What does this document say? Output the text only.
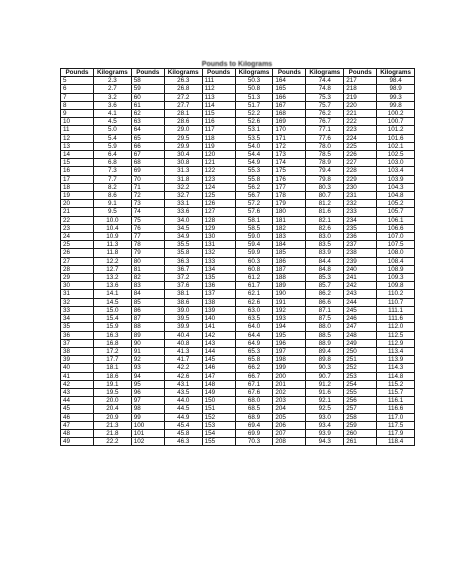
Pounds to Kilograms
Pounds	Kilograms	Pounds	Kilograms	Pounds	Kilograms	Pounds	Kilograms	Pounds	Kilograms
5	2.3	58	26.3	111	50.3	164	74.4	217	98.4
6	2.7	59	26.8	112	50.8	165	74.8	218	98.9
7	3.2	60	27.2	113	51.3	166	75.3	219	99.3
8	3.6	61	27.7	114	51.7	167	75.7	220	99.8
9	4.1	62	28.1	115	52.2	168	76.2	221	100.2
10	4.5	63	28.6	116	52.6	169	76.7	222	100.7
11	5.0	64	29.0	117	53.1	170	77.1	223	101.2
12	5.4	65	29.5	118	53.5	171	77.6	224	101.6
13	5.9	66	29.9	119	54.0	172	78.0	225	102.1
14	6.4	67	30.4	120	54.4	173	78.5	226	102.5
15	6.8	68	30.8	121	54.9	174	78.9	227	103.0
16	7.3	69	31.3	122	55.3	175	79.4	228	103.4
17	7.7	70	31.8	123	55.8	176	79.8	229	103.9
18	8.2	71	32.2	124	56.2	177	80.3	230	104.3
19	8.6	72	32.7	125	56.7	178	80.7	231	104.8
20	9.1	73	33.1	126	57.2	179	81.2	232	105.2
21	9.5	74	33.6	127	57.6	180	81.6	233	105.7
22	10.0	75	34.0	128	58.1	181	82.1	234	106.1
23	10.4	76	34.5	129	58.5	182	82.6	235	106.6
24	10.9	77	34.9	130	59.0	183	83.0	236	107.0
25	11.3	78	35.5	131	59.4	184	83.5	237	107.5
26	11.8	79	35.8	132	59.9	185	83.9	238	108.0
27	12.2	80	36.3	133	60.3	186	84.4	239	108.4
28	12.7	81	36.7	134	60.8	187	84.8	240	108.9
29	13.2	82	37.2	135	61.2	188	85.3	241	109.3
30	13.6	83	37.6	136	61.7	189	85.7	242	109.8
31	14.1	84	38.1	137	62.1	190	86.2	243	110.2
32	14.5	85	38.6	138	62.6	191	86.6	244	110.7
33	15.0	86	39.0	139	63.0	192	87.1	245	111.1
34	15.4	87	39.5	140	63.5	193	87.5	246	111.6
35	15.9	88	39.9	141	64.0	194	88.0	247	112.0
36	16.3	89	40.4	142	64.4	195	88.5	248	112.5
37	16.8	90	40.8	143	64.9	196	88.9	249	112.9
38	17.2	91	41.3	144	65.3	197	89.4	250	113.4
39	17.7	92	41.7	145	65.8	198	89.8	251	113.9
40	18.1	93	42.2	146	66.2	199	90.3	252	114.3
41	18.6	94	42.6	147	66.7	200	90.7	253	114.8
42	19.1	95	43.1	148	67.1	201	91.2	254	115.2
43	19.5	96	43.5	149	67.6	202	91.6	255	115.7
44	20.0	97	44.0	150	68.0	203	92.1	256	116.1
45	20.4	98	44.5	151	68.5	204	92.5	257	116.6
46	20.9	99	44.9	152	68.9	205	93.0	258	117.0
47	21.3	100	45.4	153	69.4	206	93.4	259	117.5
48	21.8	101	45.8	154	69.9	207	93.9	260	117.9
49	22.2	102	46.3	155	70.3	208	94.3	261	118.4
